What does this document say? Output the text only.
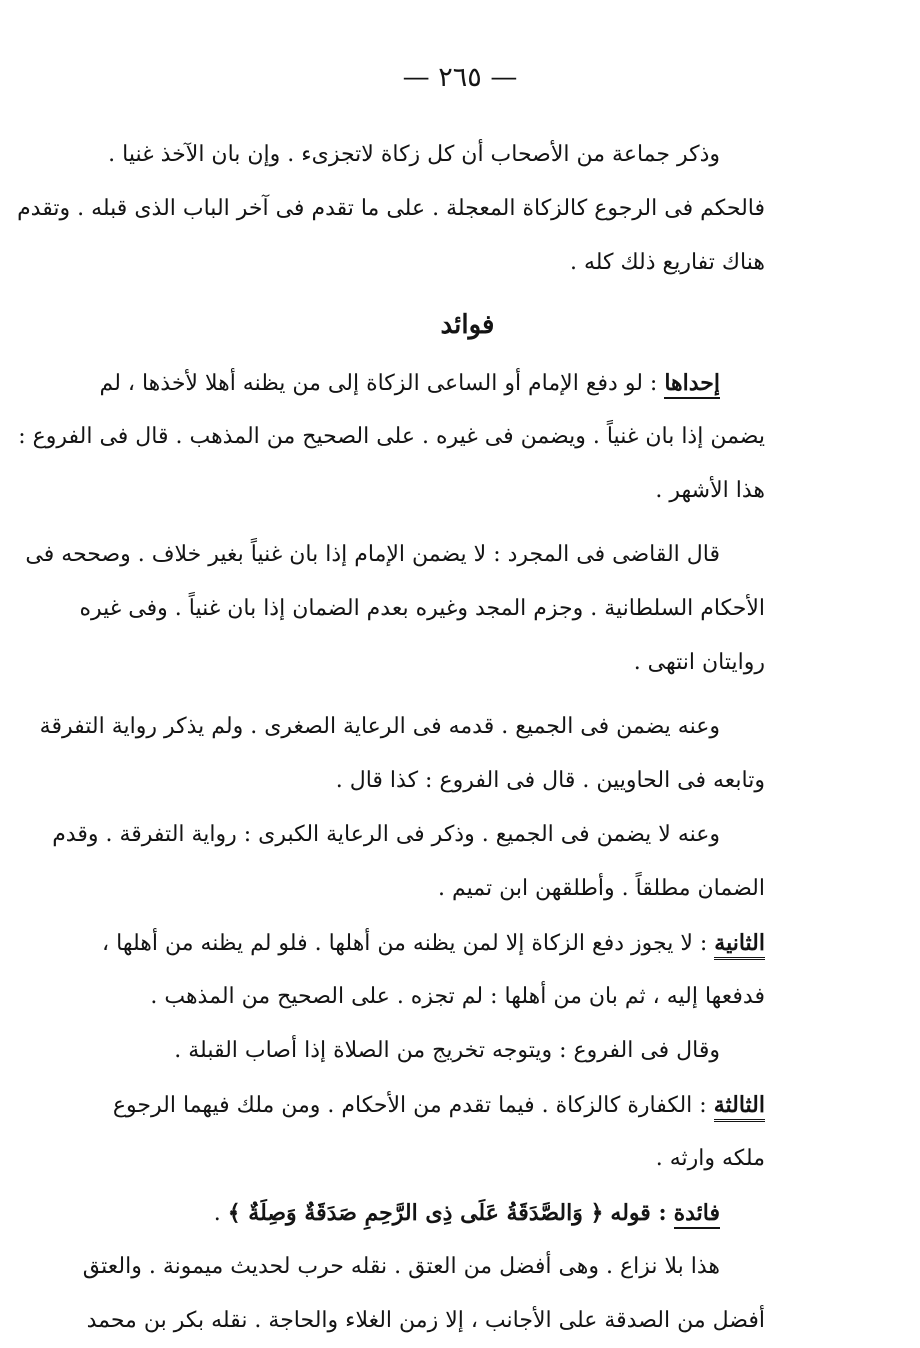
— ٢٦٥ —
وذكر جماعة من الأصحاب أن كل زكاة لاتجزىء . وإن بان الآخذ غنيا .
فالحكم فى الرجوع كالزكاة المعجلة . على ما تقدم فى آخر الباب الذى قبله . وتقدم
هناك تفاريع ذلك كله .
فوائد
إحداها : لو دفع الإمام أو الساعى الزكاة إلى من يظنه أهلا لأخذها ، لم
يضمن إذا بان غنياً . ويضمن فى غيره . على الصحيح من المذهب . قال فى الفروع :
هذا الأشهر .
قال القاضى فى المجرد : لا يضمن الإمام إذا بان غنياً بغير خلاف . وصححه فى
الأحكام السلطانية . وجزم المجد وغيره بعدم الضمان إذا بان غنياً . وفى غيره
روايتان انتهى .
وعنه يضمن فى الجميع . قدمه فى الرعاية الصغرى . ولم يذكر رواية التفرقة
وتابعه فى الحاويين . قال فى الفروع : كذا قال .
وعنه لا يضمن فى الجميع . وذكر فى الرعاية الكبرى : رواية التفرقة . وقدم
الضمان مطلقاً . وأطلقهن ابن تميم .
الثانية : لا يجوز دفع الزكاة إلا لمن يظنه من أهلها . فلو لم يظنه من أهلها ،
فدفعها إليه ، ثم بان من أهلها : لم تجزه . على الصحيح من المذهب .
وقال فى الفروع : ويتوجه تخريج من الصلاة إذا أصاب القبلة .
الثالثة : الكفارة كالزكاة . فيما تقدم من الأحكام . ومن ملك فيهما الرجوع
ملكه وارثه .
فائدة : قوله ﴿ وَالصَّدَقَةُ عَلَى ذِى الرَّحِمِ صَدَقَةٌ وَصِلَةٌ ﴾ .
هذا بلا نزاع . وهى أفضل من العتق . نقله حرب لحديث ميمونة . والعتق
أفضل من الصدقة على الأجانب ، إلا زمن الغلاء والحاجة . نقله بكر بن محمد
